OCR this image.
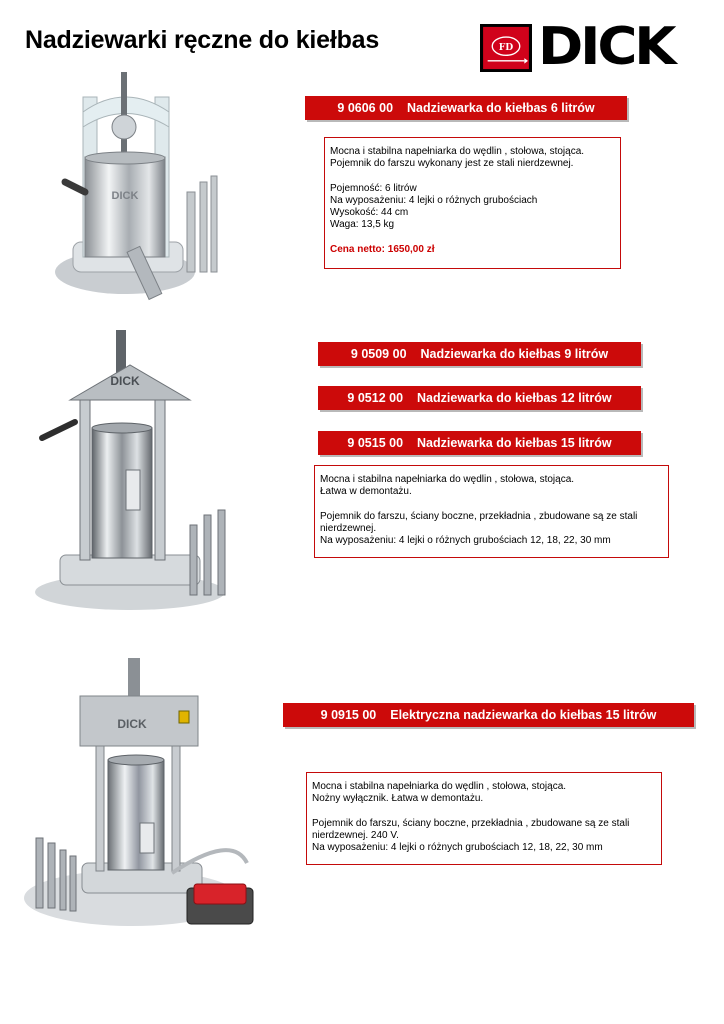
Nadziewarki ręczne do kiełbas	FD DICK
9 0606 00 Nadziewarka do kiełbas 6 litrów

Mocna i stabilna napełniarka do wędlin , stołowa, stojąca.

Pojemnik do farszu wykonany jest ze stali nierdzewnej.

Pojemność: 6 litrów

Na wyposażeniu: 4 lejki o różnych grubościach

Wysokość: 44 cm

Waga: 13,5 kg

Cena netto: 1650,00 zł

DICK
9 0509 00 Nadziewarka do kiełbas 9 litrów
9 0512 00 Nadziewarka do kiełbas 12 litrów
9 0515 00 Nadziewarka do kiełbas 15 litrów

Mocna i stabilna napełniarka do wędlin , stołowa, stojąca.

Łatwa w demontażu.

Pojemnik do farszu, ściany boczne, przekładnia , zbudowane są ze stali

nierdzewnej.

Na wyposażeniu: 4 lejki o różnych grubościach 12, 18, 22, 30 mm

DICK
9 0915 00 Elektryczna nadziewarka do kiełbas 15 litrów

Mocna i stabilna napełniarka do wędlin , stołowa, stojąca.

Nożny wyłącznik. Łatwa w demontażu.

Pojemnik do farszu, ściany boczne, przekładnia , zbudowane są ze stali

nierdzewnej. 240 V.

Na wyposażeniu: 4 lejki o różnych grubościach 12, 18, 22, 30 mm

DICK
